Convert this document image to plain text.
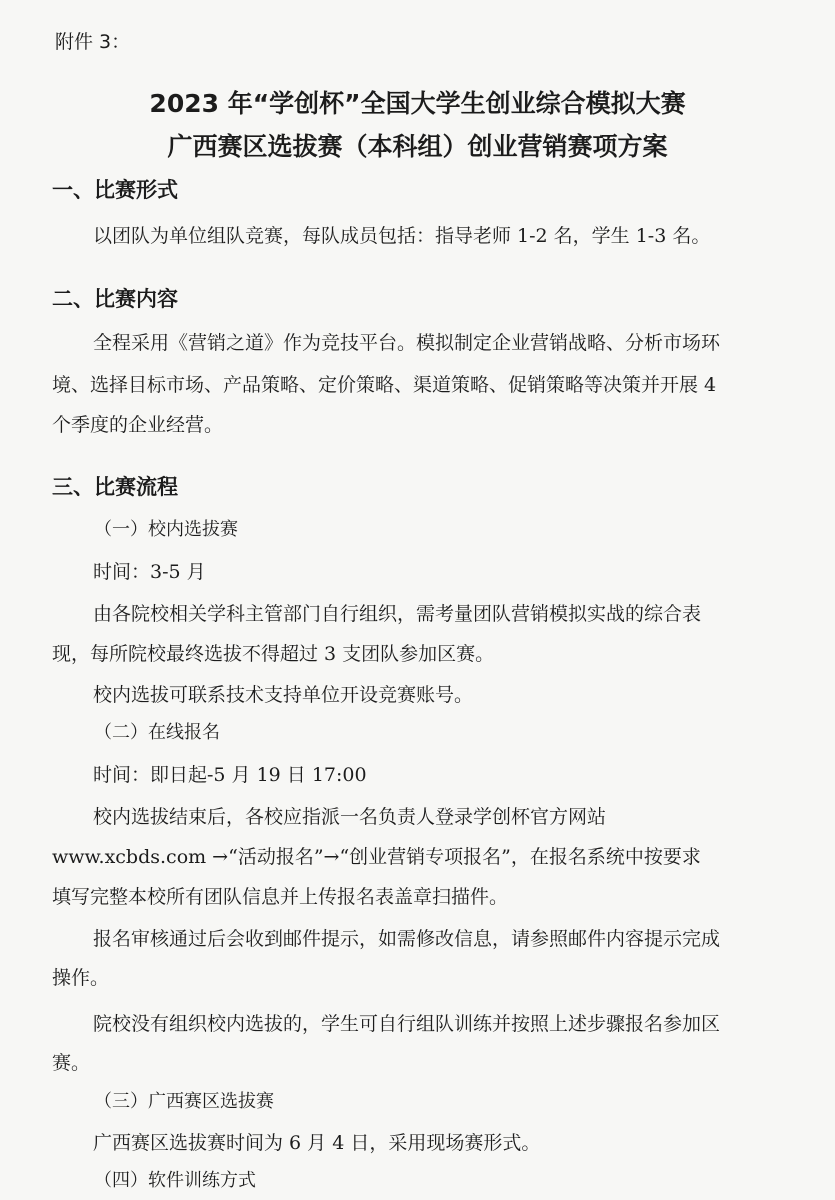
附件 3：
2023 年“学创杯”全国大学生创业综合模拟大赛
广西赛区选拔赛（本科组）创业营销赛项方案
一、比赛形式
以团队为单位组队竞赛，每队成员包括：指导老师 1-2 名，学生 1-3 名。
二、比赛内容
全程采用《营销之道》作为竞技平台。模拟制定企业营销战略、分析市场环
境、选择目标市场、产品策略、定价策略、渠道策略、促销策略等决策并开展 4
个季度的企业经营。
三、比赛流程
（一）校内选拔赛
时间：3-5 月
由各院校相关学科主管部门自行组织，需考量团队营销模拟实战的综合表
现，每所院校最终选拔不得超过 3 支团队参加区赛。
校内选拔可联系技术支持单位开设竞赛账号。
（二）在线报名
时间：即日起-5 月 19 日 17:00
校内选拔结束后，各校应指派一名负责人登录学创杯官方网站
www.xcbds.com →“活动报名”→“创业营销专项报名”，在报名系统中按要求
填写完整本校所有团队信息并上传报名表盖章扫描件。
报名审核通过后会收到邮件提示，如需修改信息，请参照邮件内容提示完成
操作。
院校没有组织校内选拔的，学生可自行组队训练并按照上述步骤报名参加区
赛。
（三）广西赛区选拔赛
广西赛区选拔赛时间为 6 月 4 日，采用现场赛形式。
（四）软件训练方式
